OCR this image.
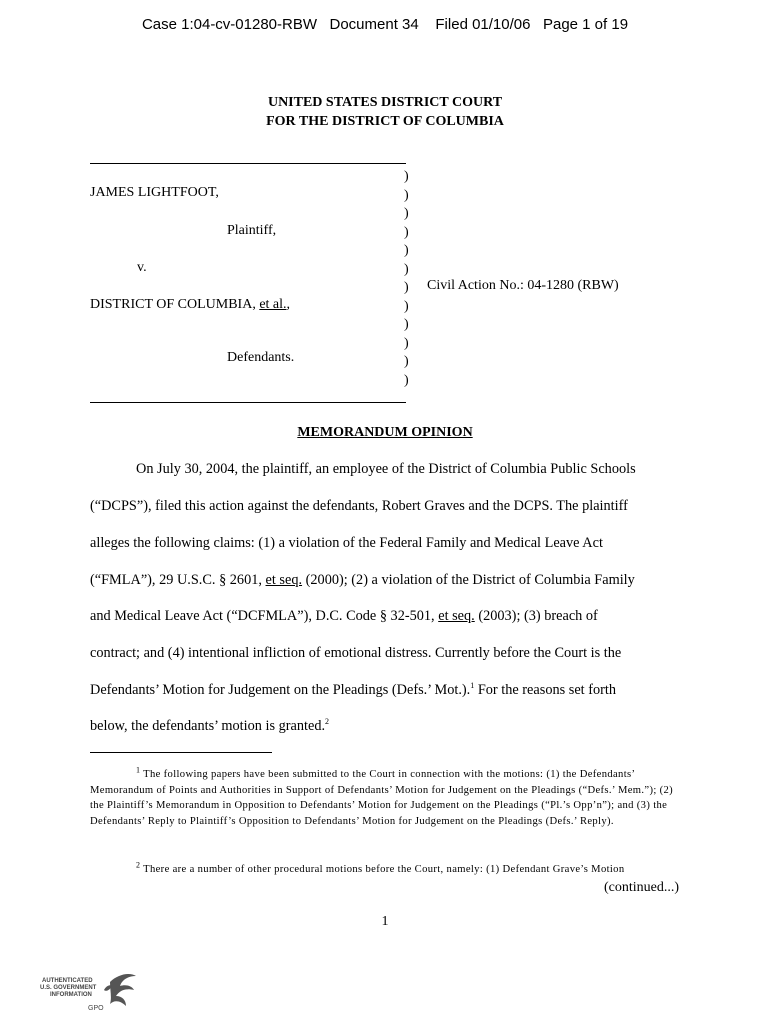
Case 1:04-cv-01280-RBW   Document 34    Filed 01/10/06   Page 1 of 19
UNITED STATES DISTRICT COURT
FOR THE DISTRICT OF COLUMBIA
JAMES LIGHTFOOT,
Plaintiff,
v.
DISTRICT OF COLUMBIA, et al.,
Defendants.
Civil Action No.: 04-1280 (RBW)
)
)
)
)
)
)
)
)
)
)
)
)
MEMORANDUM OPINION
On July 30, 2004, the plaintiff, an employee of the District of Columbia Public Schools
(“DCPS”), filed this action against the defendants, Robert Graves and the DCPS. The plaintiff
alleges the following claims: (1) a violation of the Federal Family and Medical Leave Act
(“FMLA”), 29 U.S.C. § 2601, et seq. (2000); (2) a violation of the District of Columbia Family
and Medical Leave Act (“DCFMLA”), D.C. Code § 32-501, et seq. (2003); (3) breach of
contract; and (4) intentional infliction of emotional distress. Currently before the Court is the
Defendants’ Motion for Judgement on the Pleadings (Defs.’ Mot.).$^1$ For the reasons set forth
below, the defendants’ motion is granted.$^2$
$^1$ The following papers have been submitted to the Court in connection with the motions: (1) the Defendants’ Memorandum of Points and Authorities in Support of Defendants’ Motion for Judgement on the Pleadings (“Defs.’ Mem.”); (2) the Plaintiff’s Memorandum in Opposition to Defendants’ Motion for Judgement on the Pleadings (“Pl.’s Opp’n”); and (3) the Defendants’ Reply to Plaintiff’s Opposition to Defendants’ Motion for Judgement on the Pleadings (Defs.’ Reply).
$^2$ There are a number of other procedural motions before the Court, namely: (1) Defendant Grave’s Motion
(continued...)
1
AUTHENTICATED
U.S. GOVERNMENT
INFORMATION
GPO
